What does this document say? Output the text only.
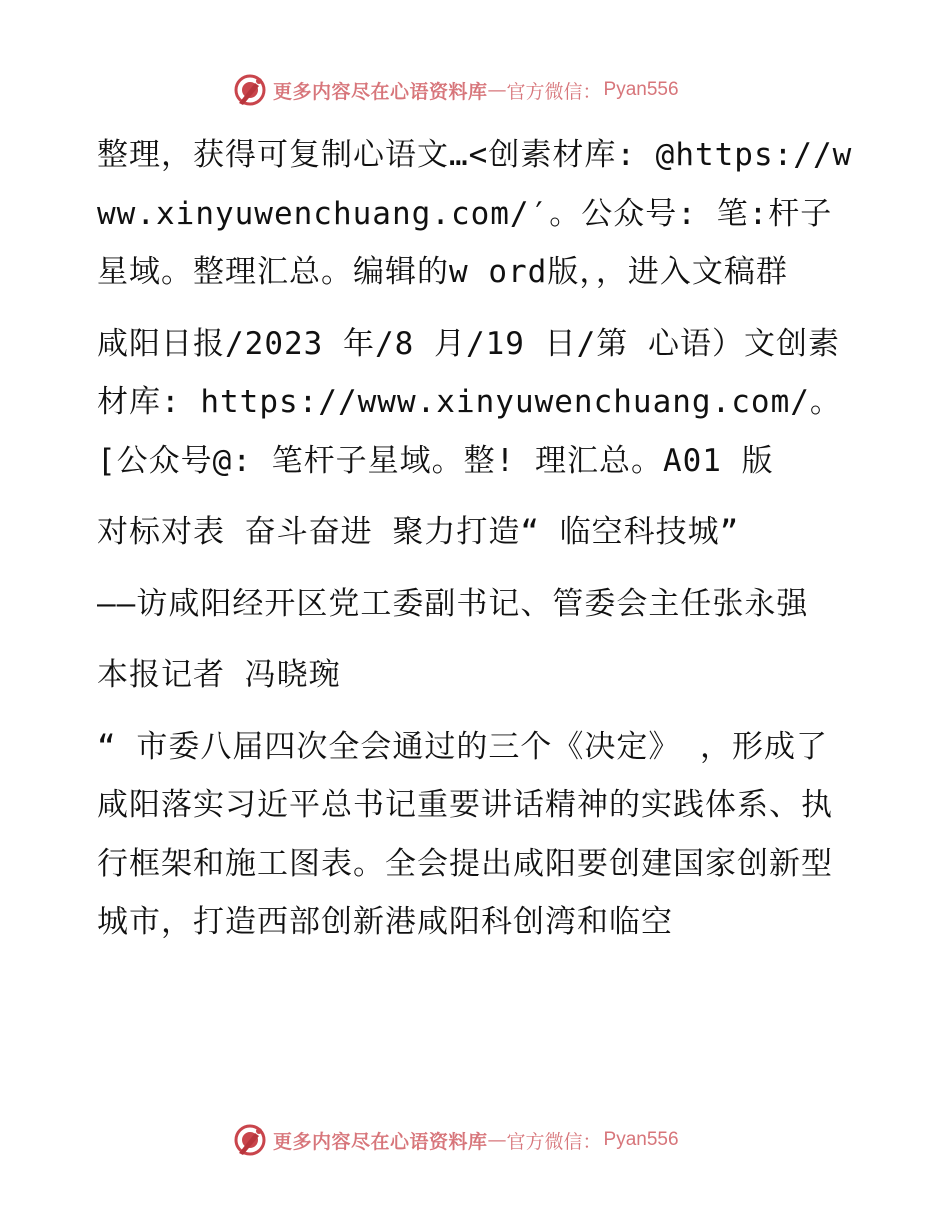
更多内容尽在心语资料库 — 官方微信： Pyan556

整理，获得可复制心语文…<创素材库: @https://www.xinyuwenchuang.com/′。公众号: 笔:杆子星域。整理汇总。编辑的w ord版，，进入文稿群

咸阳日报/2023 年/8 月/19 日/第 心语）文创素材库: https://www.xinyuwenchuang.com/。[公众号@: 笔杆子星域。整! 理汇总。A01 版

对标对表 奋斗奋进 聚力打造“ 临空科技城”

——访咸阳经开区党工委副书记、管委会主任张永强

本报记者 冯晓琬

“ 市委八届四次全会通过的三个《决定》 ，形成了咸阳落实习近平总书记重要讲话精神的实践体系、执行框架和施工图表。全会提出咸阳要创建国家创新型城市，打造西部创新港咸阳科创湾和临空

更多内容尽在心语资料库 — 官方微信： Pyan556
